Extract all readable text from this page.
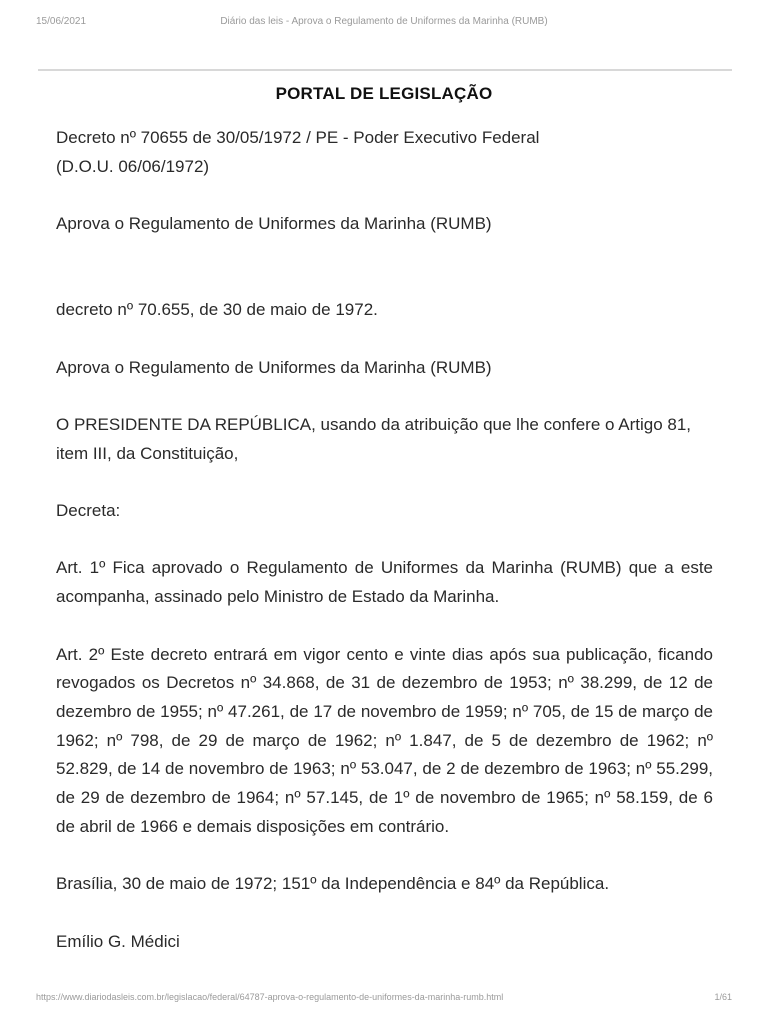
15/06/2021	Diário das leis - Aprova o Regulamento de Uniformes da Marinha (RUMB)
PORTAL DE LEGISLAÇÃO

Decreto nº 70655 de 30/05/1972 / PE - Poder Executivo Federal

(D.O.U. 06/06/1972)

Aprova o Regulamento de Uniformes da Marinha (RUMB)

decreto nº 70.655, de 30 de maio de 1972.

Aprova o Regulamento de Uniformes da Marinha (RUMB)

O PRESIDENTE DA REPÚBLICA, usando da atribuição que lhe confere o Artigo 81, item III, da Constituição,

Decreta:

Art. 1º Fica aprovado o Regulamento de Uniformes da Marinha (RUMB) que a este acompanha, assinado pelo Ministro de Estado da Marinha.

Art. 2º Este decreto entrará em vigor cento e vinte dias após sua publicação, ficando revogados os Decretos nº 34.868, de 31 de dezembro de 1953; nº 38.299, de 12 de dezembro de 1955; nº 47.261, de 17 de novembro de 1959; nº 705, de 15 de março de 1962; nº 798, de 29 de março de 1962; nº 1.847, de 5 de dezembro de 1962; nº 52.829, de 14 de novembro de 1963; nº 53.047, de 2 de dezembro de 1963; nº 55.299, de 29 de dezembro de 1964; nº 57.145, de 1º de novembro de 1965; nº 58.159, de 6 de abril de 1966 e demais disposições em contrário.

Brasília, 30 de maio de 1972; 151º da Independência e 84º da República.

Emílio G. Médici

https://www.diariodasleis.com.br/legislacao/federal/64787-aprova-o-regulamento-de-uniformes-da-marinha-rumb.html	1/61
